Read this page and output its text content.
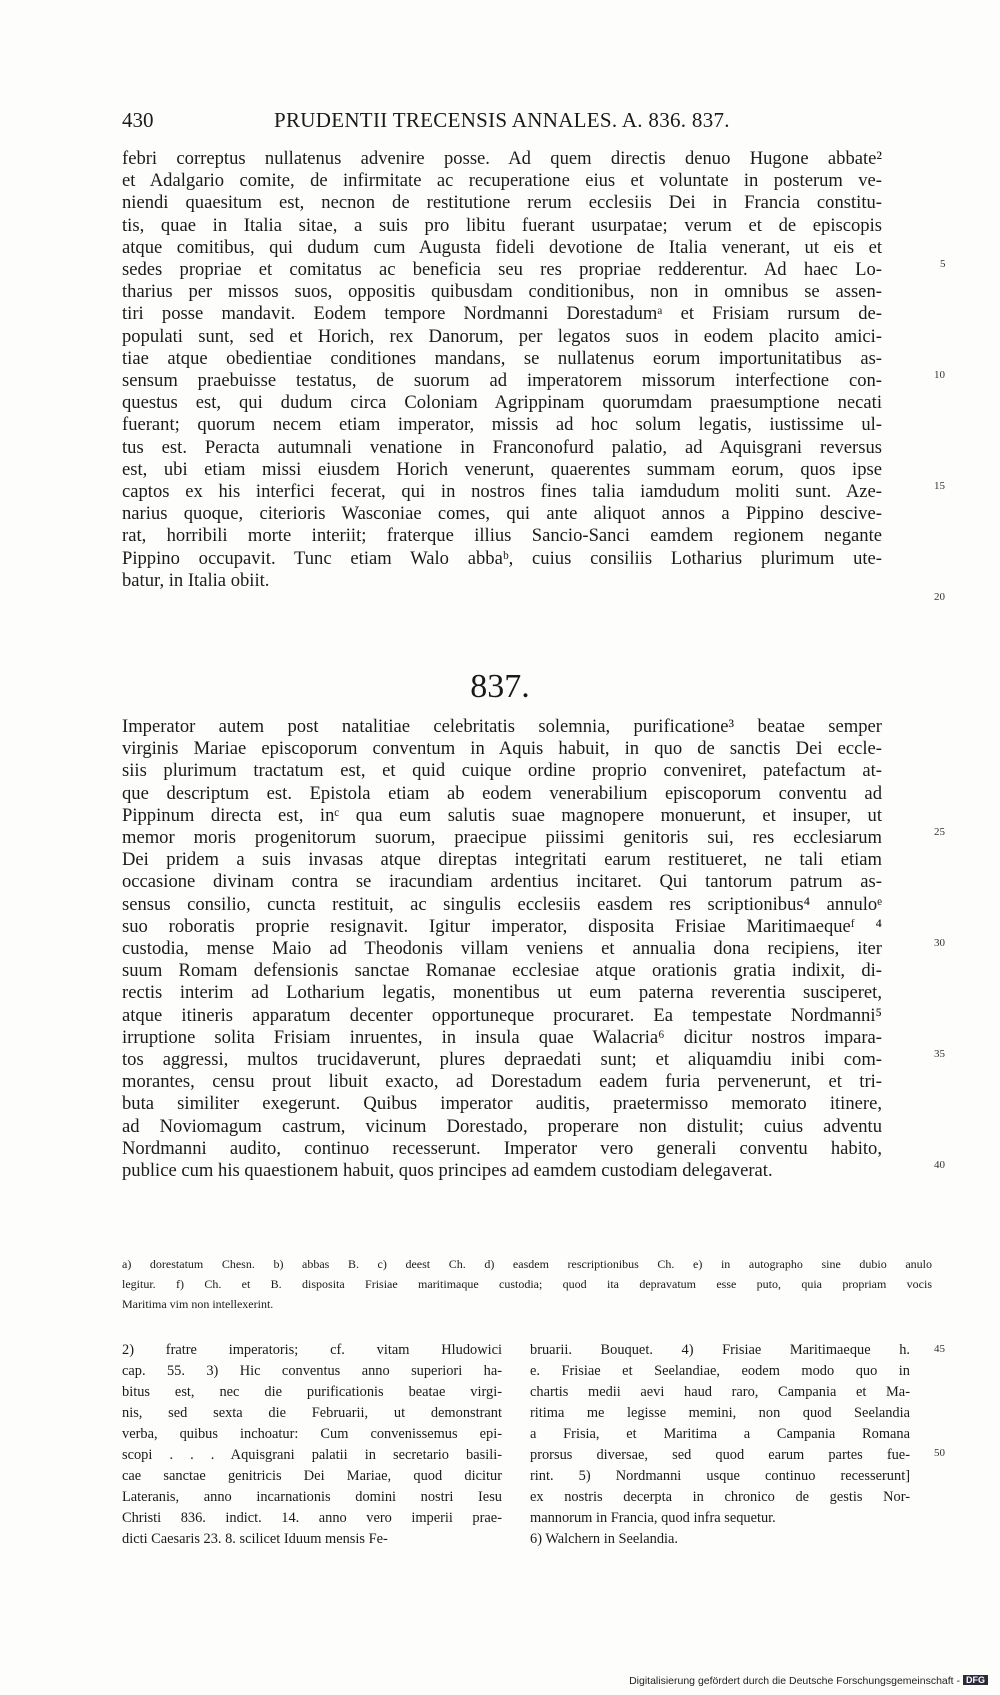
430	PRUDENTII TRECENSIS ANNALES. A. 836. 837.
febri correptus nullatenus advenire posse. Ad quem directis denuo Hugone abbate²
et Adalgario comite, de infirmitate ac recuperatione eius et voluntate in posterum ve-
niendi quaesitum est, necnon de restitutione rerum ecclesiis Dei in Francia constitu-
tis, quae in Italia sitae, a suis pro libitu fuerant usurpatae; verum et de episcopis
atque comitibus, qui dudum cum Augusta fideli devotione de Italia venerant, ut eis et
sedes propriae et comitatus ac beneficia seu res propriae redderentur. Ad haec Lo-
tharius per missos suos, oppositis quibusdam conditionibus, non in omnibus se assen-
tiri posse mandavit. Eodem tempore Nordmanni Dorestadumᵃ et Frisiam rursum de-
populati sunt, sed et Horich, rex Danorum, per legatos suos in eodem placito amici-
tiae atque obedientiae conditiones mandans, se nullatenus eorum importunitatibus as-
sensum praebuisse testatus, de suorum ad imperatorem missorum interfectione con-
questus est, qui dudum circa Coloniam Agrippinam quorumdam praesumptione necati
fuerant; quorum necem etiam imperator, missis ad hoc solum legatis, iustissime ul-
tus est. Peracta autumnali venatione in Franconofurd palatio, ad Aquisgrani reversus
est, ubi etiam missi eiusdem Horich venerunt, quaerentes summam eorum, quos ipse
captos ex his interfici fecerat, qui in nostros fines talia iamdudum moliti sunt. Aze-
narius quoque, citerioris Wasconiae comes, qui ante aliquot annos a Pippino descive-
rat, horribili morte interiit; fraterque illius Sancio-Sanci eamdem regionem negante
Pippino occupavit. Tunc etiam Walo abbaᵇ, cuius consiliis Lotharius plurimum ute-
batur, in Italia obiit.
5
10
15
20
837.
Imperator autem post natalitiae celebritatis solemnia, purificatione³ beatae semper
virginis Mariae episcoporum conventum in Aquis habuit, in quo de sanctis Dei eccle-
siis plurimum tractatum est, et quid cuique ordine proprio conveniret, patefactum at-
que descriptum est. Epistola etiam ab eodem venerabilium episcoporum conventu ad
Pippinum directa est, inᶜ qua eum salutis suae magnopere monuerunt, et insuper, ut
memor moris progenitorum suorum, praecipue piissimi genitoris sui, res ecclesiarum
Dei pridem a suis invasas atque direptas integritati earum restitueret, ne tali etiam
occasione divinam contra se iracundiam ardentius incitaret. Qui tantorum patrum as-
sensus consilio, cuncta restituit, ac singulis ecclesiis easdem res scriptionibus⁴ annuloᵉ
suo roboratis proprie resignavit. Igitur imperator, disposita Frisiae Maritimaequeᶠ ⁴
custodia, mense Maio ad Theodonis villam veniens et annualia dona recipiens, iter
suum Romam defensionis sanctae Romanae ecclesiae atque orationis gratia indixit, di-
rectis interim ad Lotharium legatis, monentibus ut eum paterna reverentia susciperet,
atque itineris apparatum decenter opportuneque procuraret. Ea tempestate Nordmanni⁵
irruptione solita Frisiam inruentes, in insula quae Walacria⁶ dicitur nostros impara-
tos aggressi, multos trucidaverunt, plures depraedati sunt; et aliquamdiu inibi com-
morantes, censu prout libuit exacto, ad Dorestadum eadem furia pervenerunt, et tri-
buta similiter exegerunt. Quibus imperator auditis, praetermisso memorato itinere,
ad Noviomagum castrum, vicinum Dorestado, properare non distulit; cuius adventu
Nordmanni audito, continuo recesserunt. Imperator vero generali conventu habito,
publice cum his quaestionem habuit, quos principes ad eamdem custodiam delegaverat.
25
30
35
40
a) dorestatum Chesn. b) abbas B. c) deest Ch. d) easdem rescriptionibus Ch. e) in autographo sine dubio anulo
legitur. f) Ch. et B. disposita Frisiae maritimaque custodia; quod ita depravatum esse puto, quia propriam vocis
Maritima vim non intellexerint.
2) fratre imperatoris; cf. vitam Hludowici
cap. 55. 3) Hic conventus anno superiori ha-
bitus est, nec die purificationis beatae virgi-
nis, sed sexta die Februarii, ut demonstrant
verba, quibus inchoatur: Cum convenissemus epi-
scopi . . . Aquisgrani palatii in secretario basili-
cae sanctae genitricis Dei Mariae, quod dicitur
Lateranis, anno incarnationis domini nostri Iesu
Christi 836. indict. 14. anno vero imperii prae-
dicti Caesaris 23. 8. scilicet Iduum mensis Fe-
bruarii. Bouquet. 4) Frisiae Maritimaeque h.
e. Frisiae et Seelandiae, eodem modo quo in
chartis medii aevi haud raro, Campania et Ma-
ritima me legisse memini, non quod Seelandia
a Frisia, et Maritima a Campania Romana
prorsus diversae, sed quod earum partes fue-
rint. 5) Nordmanni usque continuo recesserunt]
ex nostris decerpta in chronico de gestis Nor-
mannorum in Francia, quod infra sequetur.
6) Walchern in Seelandia.
45
50
Digitalisierung gefördert durch die Deutsche Forschungsgemeinschaft - DFG
